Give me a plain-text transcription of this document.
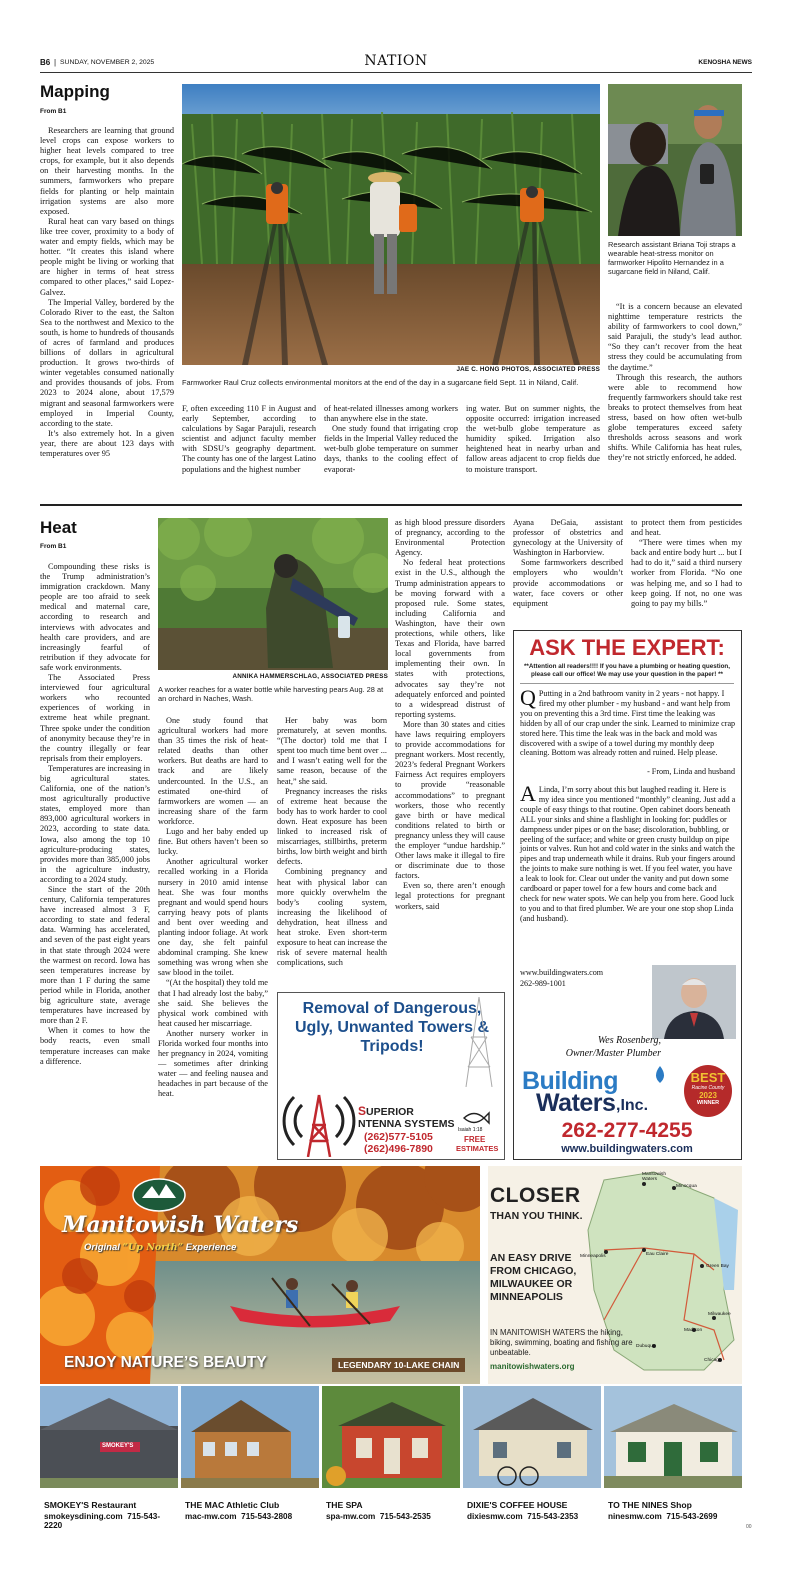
B6 | SUNDAY, NOVEMBER 2, 2025	NATION	KENOSHA NEWS
Mapping
From B1

Researchers are learning that ground level crops can expose workers to higher heat levels compared to tree crops, for example, but it also depends on their harvesting months. In the summers, farmworkers who prepare fields for planting or help maintain irrigation systems are also more exposed.

Rural heat can vary based on things like tree cover, proximity to a body of water and empty fields, which may be hotter. “It creates this island where people might be living or working that are higher in terms of heat stress compared to other places,” said Lopez-Galvez.

The Imperial Valley, bordered by the Colorado River to the east, the Salton Sea to the northwest and Mexico to the south, is home to hundreds of thousands of acres of farmland and produces billions of dollars in agricultural production. It grows two-thirds of winter vegetables consumed nationally and provides thousands of jobs. From 2023 to 2024 alone, about 17,579 migrant and seasonal farmworkers were employed in Imperial County, according to the state.

It’s also extremely hot. In a given year, there are about 123 days with temperatures over 95

JAE C. HONG PHOTOS, ASSOCIATED PRESS
Farmworker Raul Cruz collects environmental monitors at the end of the day in a sugarcane field Sept. 11 in Niland, Calif.
F, often exceeding 110 F in August and early September, according to calculations by Sagar Parajuli, research scientist and adjunct faculty member with SDSU’s geography department. The county has one of the largest Latino populations and the highest number

of heat-related illnesses among workers than anywhere else in the state.

One study found that irrigating crop fields in the Imperial Valley reduced the wet-bulb globe temperature on summer days, thanks to the cooling effect of evaporat-

ing water. But on summer nights, the opposite occurred: irrigation increased the wet-bulb globe temperature as humidity spiked. Irrigation also heightened heat in nearby urban and fallow areas adjacent to crop fields due to moisture transport.
Research assistant Briana Toji straps a wearable heat-stress monitor on farmworker Hipolito Hernandez in a sugarcane field in Niland, Calif.

“It is a concern because an elevated nighttime temperature restricts the ability of farmworkers to cool down,” said Parajuli, the study’s lead author. “So they can’t recover from the heat stress they could be accumulating from the daytime.”

Through this research, the authors were able to recommend how frequently farmworkers should take rest breaks to protect themselves from heat stress, based on how often wet-bulb globe temperatures exceed safety thresholds across seasons and work shifts. While California has heat rules, they’re not strictly enforced, he added.

Heat
From B1

Compounding these risks is the Trump administration’s immigration crackdown. Many people are too afraid to seek medical and maternal care, according to research and interviews with advocates and health care providers, and are increasingly fearful of retribution if they advocate for safe work environments.

The Associated Press interviewed four agricultural workers who recounted experiences of working in extreme heat while pregnant. Three spoke under the condition of anonymity because they’re in the country illegally or fear reprisals from their employers.

Temperatures are increasing in big agricultural states. California, one of the nation’s most agriculturally productive states, employed more than 893,000 agricultural workers in 2023, according to state data. Iowa, also among the top 10 agriculture-producing states, provides more than 385,000 jobs in the agriculture industry, according to a 2024 study.

Since the start of the 20th century, California temperatures have increased almost 3 F, according to state and federal data. Warming has accelerated, and seven of the past eight years in that state through 2024 were the warmest on record. Iowa has seen temperatures increase by more than 1 F during the same period while in Florida, another big agriculture state, average temperatures have increased by more than 2 F.

When it comes to how the body reacts, even small temperature increases can make a difference.

ANNIKA HAMMERSCHLAG, ASSOCIATED PRESS
A worker reaches for a water bottle while harvesting pears Aug. 28 at an orchard in Naches, Wash.

One study found that agricultural workers had more than 35 times the risk of heat-related deaths than other workers. But deaths are hard to track and are likely undercounted. In the U.S., an estimated one-third of farmworkers are women — an increasing share of the farm workforce.

Lugo and her baby ended up fine. But others haven’t been so lucky.

Another agricultural worker recalled working in a Florida nursery in 2010 amid intense heat. She was four months pregnant and would spend hours carrying heavy pots of plants and bent over weeding and planting indoor foliage. At work one day, she felt painful abdominal cramping. She knew something was wrong when she saw blood in the toilet.

“(At the hospital) they told me that I had already lost the baby,” she said. She believes the physical work combined with heat caused her miscarriage.

Another nursery worker in Florida worked four months into her pregnancy in 2024, vomiting — sometimes after drinking water — and feeling nausea and headaches in part because of the heat.

Her baby was born prematurely, at seven months. “(The doctor) told me that I spent too much time bent over ... and I wasn’t eating well for the same reason, because of the heat,” she said.

Pregnancy increases the risks of extreme heat because the body has to work harder to cool down. Heat exposure has been linked to increased risk of miscarriages, stillbirths, preterm births, low birth weight and birth defects.

Combining pregnancy and heat with physical labor can more quickly overwhelm the body’s cooling system, increasing the likelihood of dehydration, heat illness and heat stroke. Even short-term exposure to heat can increase the risk of severe maternal health complications, such

as high blood pressure disorders of pregnancy, according to the Environmental Protection Agency.

No federal heat protections exist in the U.S., although the Trump administration appears to be moving forward with a proposed rule. Some states, including California and Washington, have their own protections, while others, like Texas and Florida, have barred local governments from implementing their own. In states with protections, advocates say they’re not adequately enforced and pointed to a widespread distrust of reporting systems.

More than 30 states and cities have laws requiring employers to provide accommodations for pregnant workers. Most recently, 2023’s federal Pregnant Workers Fairness Act requires employers to provide “reasonable accommodations” to pregnant workers, those who recently gave birth or have medical conditions related to birth or pregnancy unless they will cause the employer “undue hardship.” Other laws make it illegal to fire or discriminate due to those factors.

Even so, there aren’t enough legal protections for pregnant workers, said

Ayana DeGaia, assistant professor of obstetrics and gynecology at the University of Washington in Harborview.

Some farmworkers described employers who wouldn’t provide accommodations or water, face covers or other equipment

to protect them from pesticides and heat.

“There were times when my back and entire body hurt ... but I had to do it,” said a third nursery worker from Florida. “No one was helping me, and so I had to keep going. If not, no one was going to pay my bills.”

Removal of Dangerous, Ugly, Unwanted Towers & Tripods!
SUPERIOR
NTENNA SYSTEMS
(262)577-5105
(262)496-7890
Isaiah 1:18
FREE
ESTIMATES
ASK THE EXPERT:
**Attention all readers!!!! If you have a plumbing or heating question, please call our office! We may use your question in the paper! **
Q Putting in a 2nd bathroom vanity in 2 years - not happy. I fired my other plumber - my husband - and want help from you on preventing this a 3rd time. First time the leaking was hidden by all of our crap under the sink. Learned to minimize crap stored here. This time the leak was in the back and mold was discovered with a swipe of a towel during my monthly deep cleaning. Bottom was already rotten and ruined. Help please.
- From, Linda and husband
A Linda, I’m sorry about this but laughed reading it. Here is my idea since you mentioned “monthly” cleaning. Just add a couple of easy things to that routine. Open cabinet doors beneath ALL your sinks and shine a flashlight in looking for: puddles or dampness under pipes or on the base; discoloration, bubbling, or peeling of the surface; and white or green crusty buildup on pipe joints or valves. Run hot and cold water in the sinks and watch the pipes and trap underneath while it drains. Rub your fingers around the joints to make sure nothing is wet. If you feel water, you have a leak to look for. Clear out under the vanity and put down some cardboard or paper towel for a few hours and come back and check for new water spots. We can help you from here. Good luck to you and to that fired plumber. We are your one stop shop Linda (and husband).
www.buildingwaters.com
262-989-1001
Wes Rosenberg,
Owner/Master Plumber
Building
Waters ,Inc.
BEST
Racine County
2023
WINNER
262-277-4255
www.buildingwaters.com
Manitowish Waters
Original “Up North” Experience
ENJOY NATURE’S BEAUTY	LEGENDARY 10-LAKE CHAIN
Manitowish Waters
Minocqua
Minneapolis	Eau Claire
Green Bay
Milwaukee
Madison
Dubuque
Chicago
CLOSER
THAN YOU THINK.
AN EASY DRIVE FROM CHICAGO, MILWAUKEE OR MINNEAPOLIS
IN MANITOWISH WATERS the hiking, biking, swimming, boating and fishing are unbeatable.
manitowishwaters.org
SMOKEY'S
SMOKEY'S Restaurant
smokeysdining.com 715-543-2220
THE MAC Athletic Club
mac-mw.com 715-543-2808
THE SPA
spa-mw.com 715-543-2535
DIXIE'S COFFEE HOUSE
dixiesmw.com 715-543-2353
TO THE NINES Shop
ninesmw.com 715-543-2699
00
